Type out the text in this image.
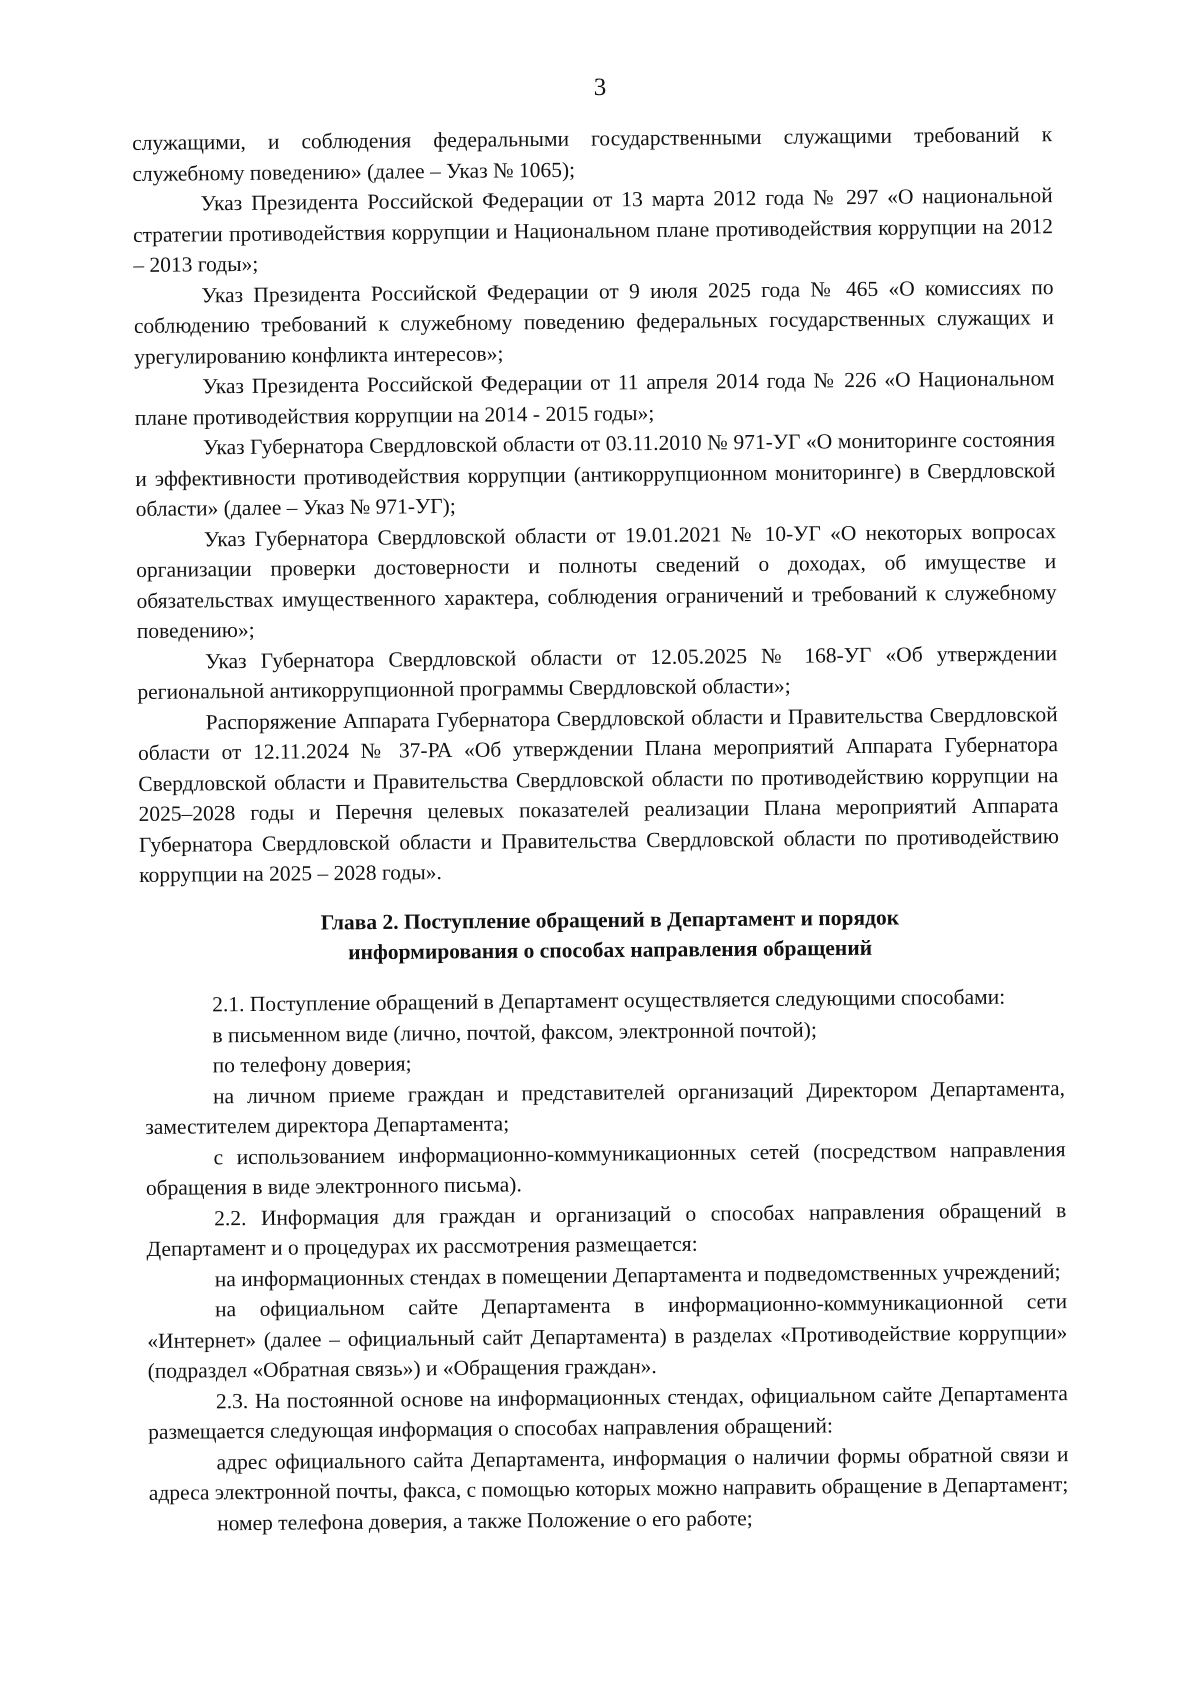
3

служащими, и соблюдения федеральными государственными служащими требований к служебному поведению» (далее – Указ № 1065);

Указ Президента Российской Федерации от 13 марта 2012 года № 297 «О национальной стратегии противодействия коррупции и Национальном плане противодействия коррупции на 2012 – 2013 годы»;

Указ Президента Российской Федерации от 9 июля 2025 года № 465 «О комиссиях по соблюдению требований к служебному поведению федеральных государственных служащих и урегулированию конфликта интересов»;

Указ Президента Российской Федерации от 11 апреля 2014 года № 226 «О Национальном плане противодействия коррупции на 2014 - 2015 годы»;

Указ Губернатора Свердловской области от 03.11.2010 № 971-УГ «О мониторинге состояния и эффективности противодействия коррупции (антикоррупционном мониторинге) в Свердловской области» (далее – Указ № 971-УГ);

Указ Губернатора Свердловской области от 19.01.2021 № 10-УГ «О некоторых вопросах организации проверки достоверности и полноты сведений о доходах, об имуществе и обязательствах имущественного характера, соблюдения ограничений и требований к служебному поведению»;

Указ Губернатора Свердловской области от 12.05.2025 № 168-УГ «Об утверждении региональной антикоррупционной программы Свердловской области»;

Распоряжение Аппарата Губернатора Свердловской области и Правительства Свердловской области от 12.11.2024 № 37-РА «Об утверждении Плана мероприятий Аппарата Губернатора Свердловской области и Правительства Свердловской области по противодействию коррупции на 2025–2028 годы и Перечня целевых показателей реализации Плана мероприятий Аппарата Губернатора Свердловской области и Правительства Свердловской области по противодействию коррупции на 2025 – 2028 годы».

Глава 2. Поступление обращений в Департамент и порядок
информирования о способах направления обращений

2.1. Поступление обращений в Департамент осуществляется следующими способами:

в письменном виде (лично, почтой, факсом, электронной почтой);

по телефону доверия;

на личном приеме граждан и представителей организаций Директором Департамента, заместителем директора Департамента;

с использованием информационно-коммуникационных сетей (посредством направления обращения в виде электронного письма).

2.2. Информация для граждан и организаций о способах направления обращений в Департамент и о процедурах их рассмотрения размещается:

на информационных стендах в помещении Департамента и подведомственных учреждений;

на официальном сайте Департамента в информационно-коммуникационной сети «Интернет» (далее – официальный сайт Департамента) в разделах «Противодействие коррупции» (подраздел «Обратная связь») и «Обращения граждан».

2.3. На постоянной основе на информационных стендах, официальном сайте Департамента размещается следующая информация о способах направления обращений:

адрес официального сайта Департамента, информация о наличии формы обратной связи и адреса электронной почты, факса, с помощью которых можно направить обращение в Департамент;

номер телефона доверия, а также Положение о его работе;
